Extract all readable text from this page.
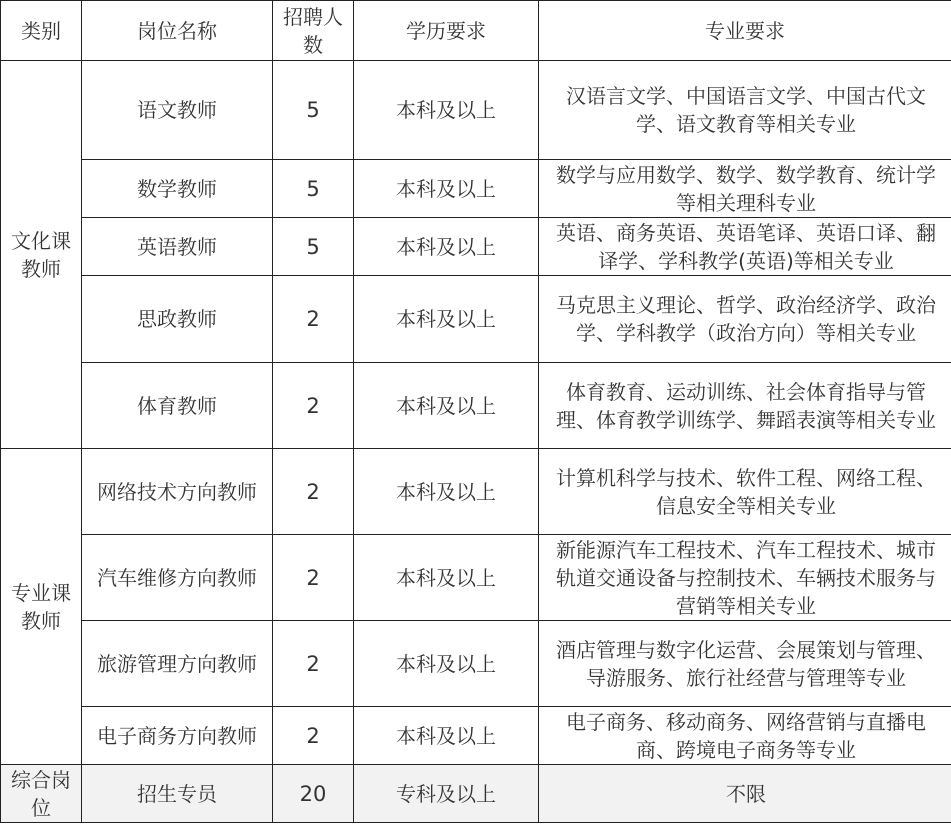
类别	岗位名称	招聘人数	学历要求	专业要求
文化课教师	语文教师	5	本科及以上	汉语言文学、中国语言文学、中国古代文学、语文教育等相关专业
	数学教师	5	本科及以上	数学与应用数学、数学、数学教育、统计学等相关理科专业
	英语教师	5	本科及以上	英语、商务英语、英语笔译、英语口译、翻译学、学科教学(英语)等相关专业
	思政教师	2	本科及以上	马克思主义理论、哲学、政治经济学、政治学、学科教学（政治方向）等相关专业
	体育教师	2	本科及以上	体育教育、运动训练、社会体育指导与管理、体育教学训练学、舞蹈表演等相关专业
专业课教师	网络技术方向教师	2	本科及以上	计算机科学与技术、软件工程、网络工程、信息安全等相关专业
	汽车维修方向教师	2	本科及以上	新能源汽车工程技术、汽车工程技术、城市轨道交通设备与控制技术、车辆技术服务与营销等相关专业
	旅游管理方向教师	2	本科及以上	酒店管理与数字化运营、会展策划与管理、导游服务、旅行社经营与管理等专业
	电子商务方向教师	2	本科及以上	电子商务、移动商务、网络营销与直播电商、跨境电子商务等专业
综合岗位	招生专员	20	专科及以上	不限
